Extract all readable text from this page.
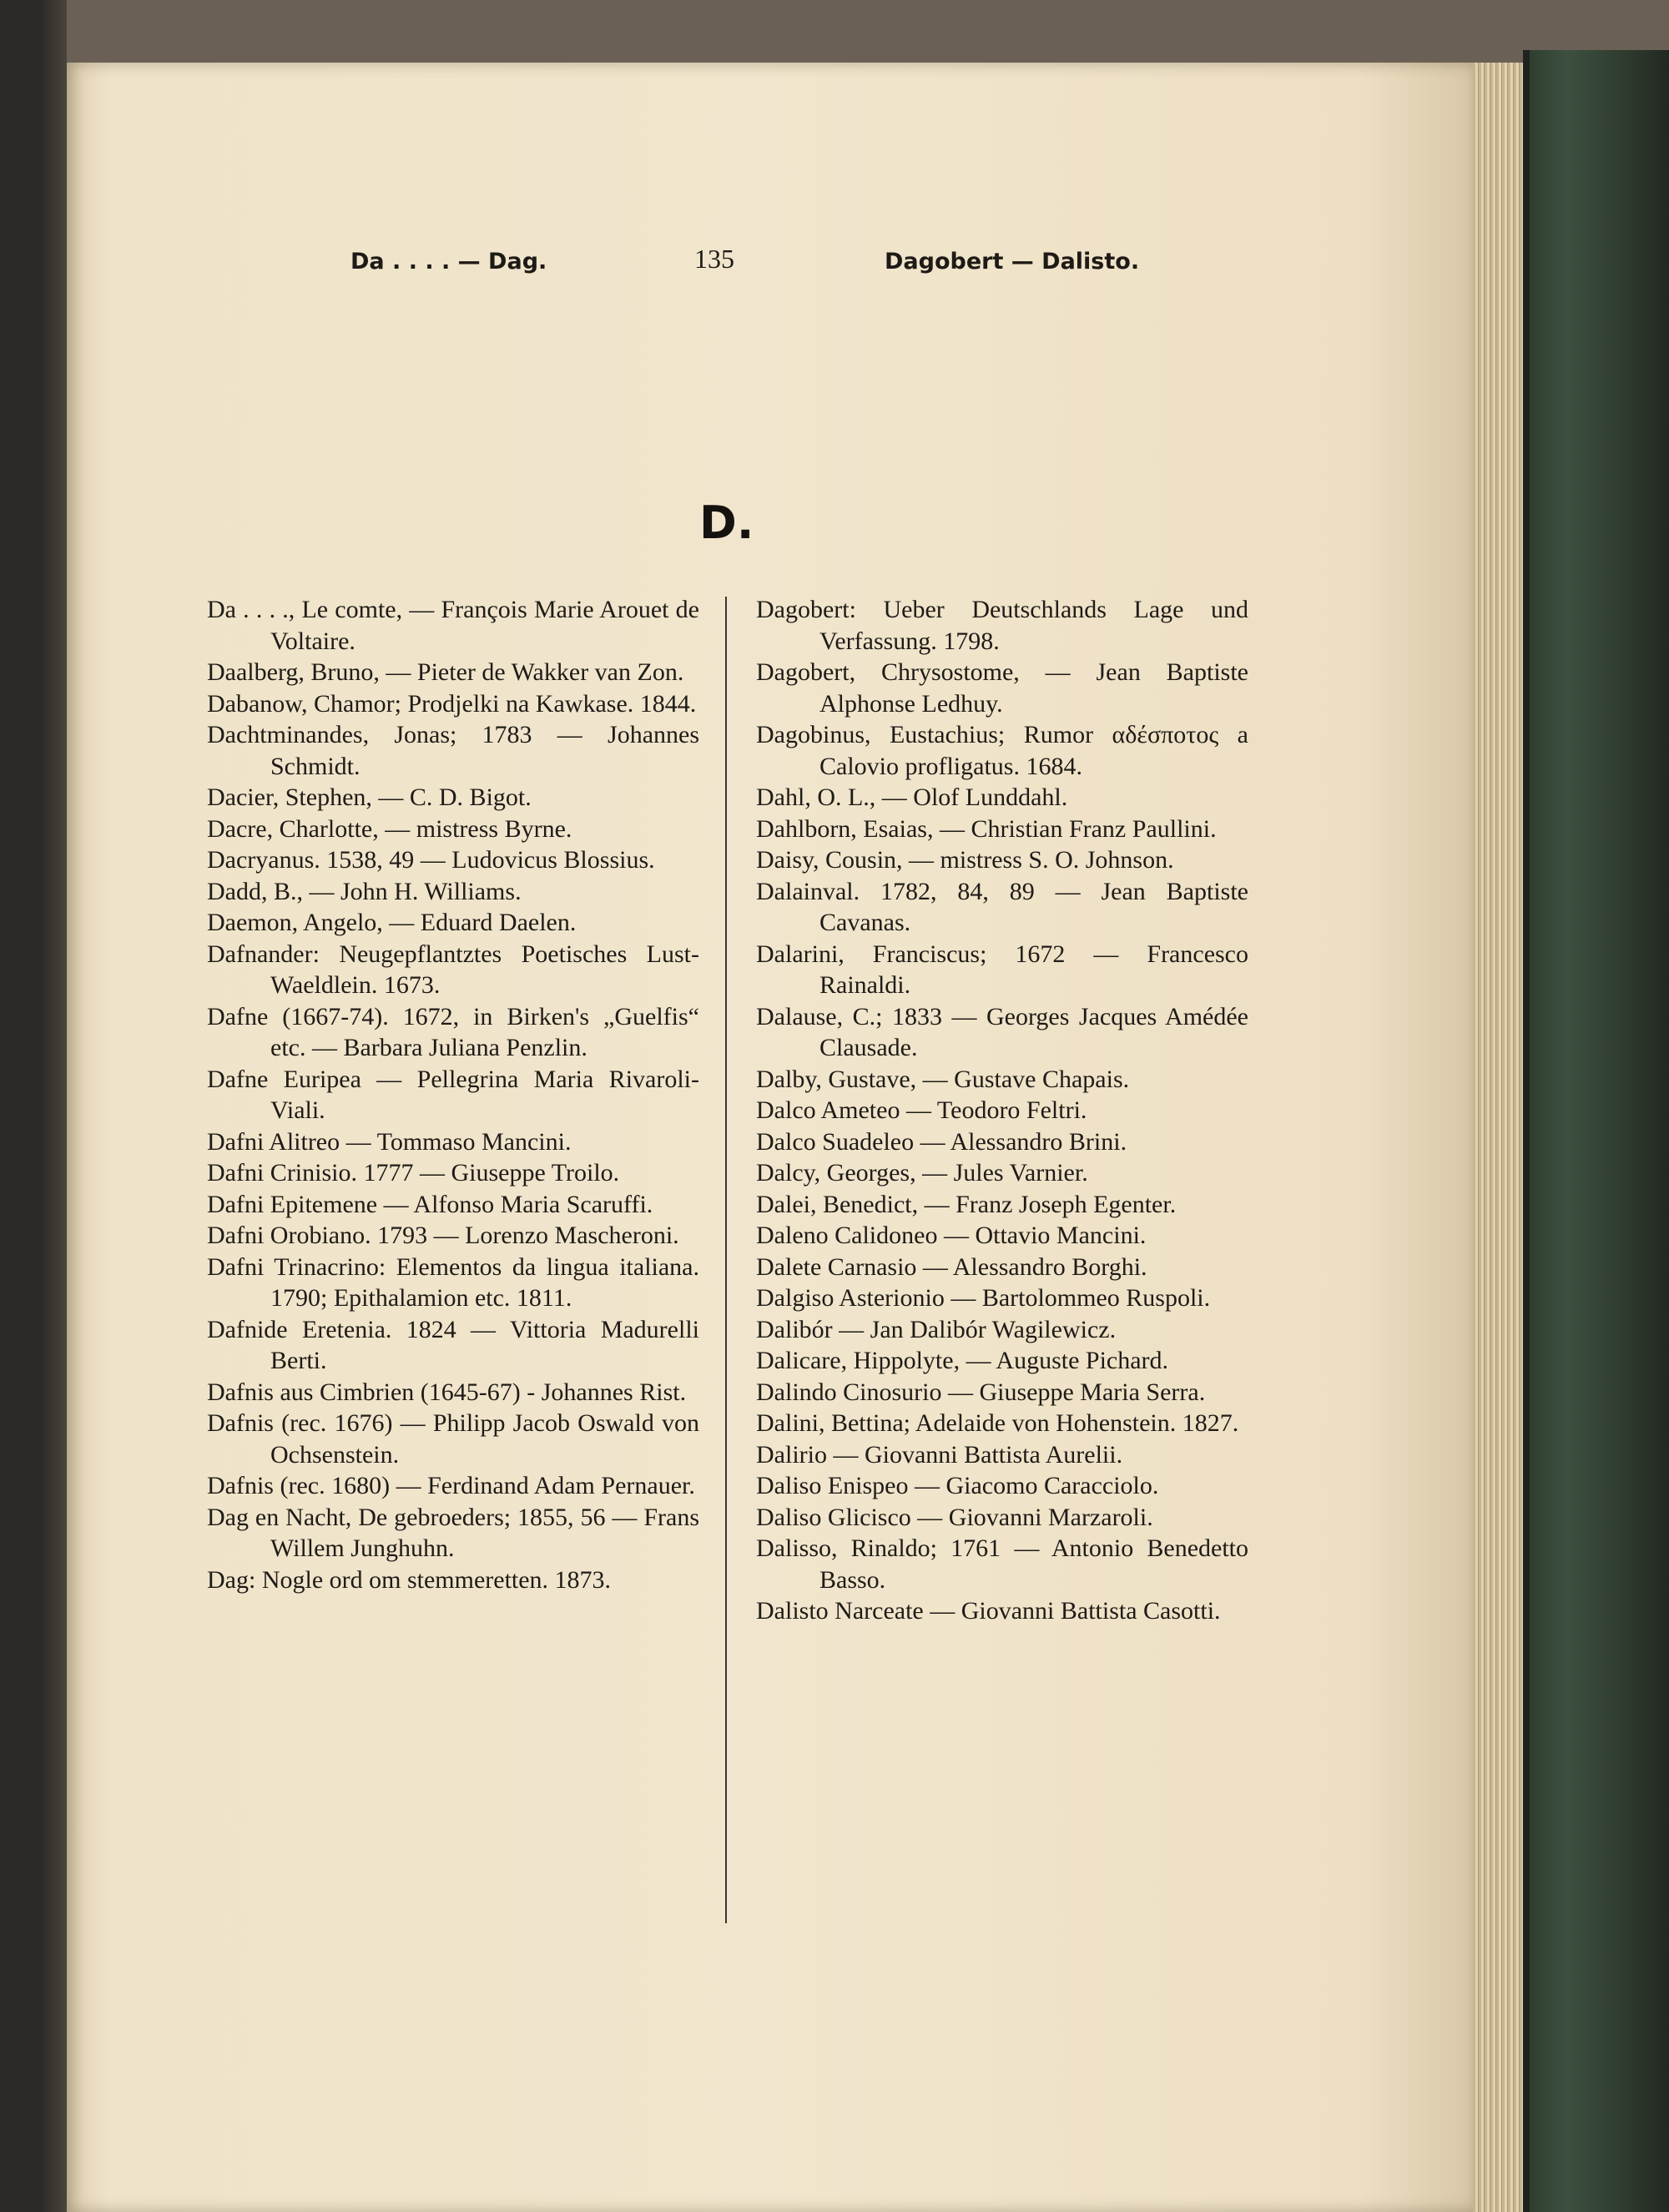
Da . . . . — Dag.	135	Dagobert — Dalisto.
D.

Da . . . ., Le comte, — François Marie Arouet de Voltaire.

Daalberg, Bruno, — Pieter de Wakker van Zon.

Dabanow, Chamor; Prodjelki na Kawkase. 1844.

Dachtminandes, Jonas; 1783 — Johannes Schmidt.

Dacier, Stephen, — C. D. Bigot.

Dacre, Charlotte, — mistress Byrne.

Dacryanus. 1538, 49 — Ludovicus Blossius.

Dadd, B., — John H. Williams.

Daemon, Angelo, — Eduard Daelen.

Dafnander: Neugepflantztes Poetisches Lust-Waeldlein. 1673.

Dafne (1667-74). 1672, in Birken's „Guelfis“ etc. — Barbara Juliana Penzlin.

Dafne Euripea — Pellegrina Maria Rivaroli-Viali.

Dafni Alitreo — Tommaso Mancini.

Dafni Crinisio. 1777 — Giuseppe Troilo.

Dafni Epitemene — Alfonso Maria Scaruffi.

Dafni Orobiano. 1793 — Lorenzo Mascheroni.

Dafni Trinacrino: Elementos da lingua italiana. 1790; Epithalamion etc. 1811.

Dafnide Eretenia. 1824 — Vittoria Madurelli Berti.

Dafnis aus Cimbrien (1645-67) - Johannes Rist.

Dafnis (rec. 1676) — Philipp Jacob Oswald von Ochsenstein.

Dafnis (rec. 1680) — Ferdinand Adam Pernauer.

Dag en Nacht, De gebroeders; 1855, 56 — Frans Willem Junghuhn.

Dag: Nogle ord om stemmeretten. 1873.

Dagobert: Ueber Deutschlands Lage und Verfassung. 1798.

Dagobert, Chrysostome, — Jean Baptiste Alphonse Ledhuy.

Dagobinus, Eustachius; Rumor αδέσποτος a Calovio profligatus. 1684.

Dahl, O. L., — Olof Lunddahl.

Dahlborn, Esaias, — Christian Franz Paullini.

Daisy, Cousin, — mistress S. O. Johnson.

Dalainval. 1782, 84, 89 — Jean Baptiste Cavanas.

Dalarini, Franciscus; 1672 — Francesco Rainaldi.

Dalause, C.; 1833 — Georges Jacques Amédée Clausade.

Dalby, Gustave, — Gustave Chapais.

Dalco Ameteo — Teodoro Feltri.

Dalco Suadeleo — Alessandro Brini.

Dalcy, Georges, — Jules Varnier.

Dalei, Benedict, — Franz Joseph Egenter.

Daleno Calidoneo — Ottavio Mancini.

Dalete Carnasio — Alessandro Borghi.

Dalgiso Asterionio — Bartolommeo Ruspoli.

Dalibór — Jan Dalibór Wagilewicz.

Dalicare, Hippolyte, — Auguste Pichard.

Dalindo Cinosurio — Giuseppe Maria Serra.

Dalini, Bettina; Adelaide von Hohenstein. 1827.

Dalirio — Giovanni Battista Aurelii.

Daliso Enispeo — Giacomo Caracciolo.

Daliso Glicisco — Giovanni Marzaroli.

Dalisso, Rinaldo; 1761 — Antonio Benedetto Basso.

Dalisto Narceate — Giovanni Battista Casotti.
